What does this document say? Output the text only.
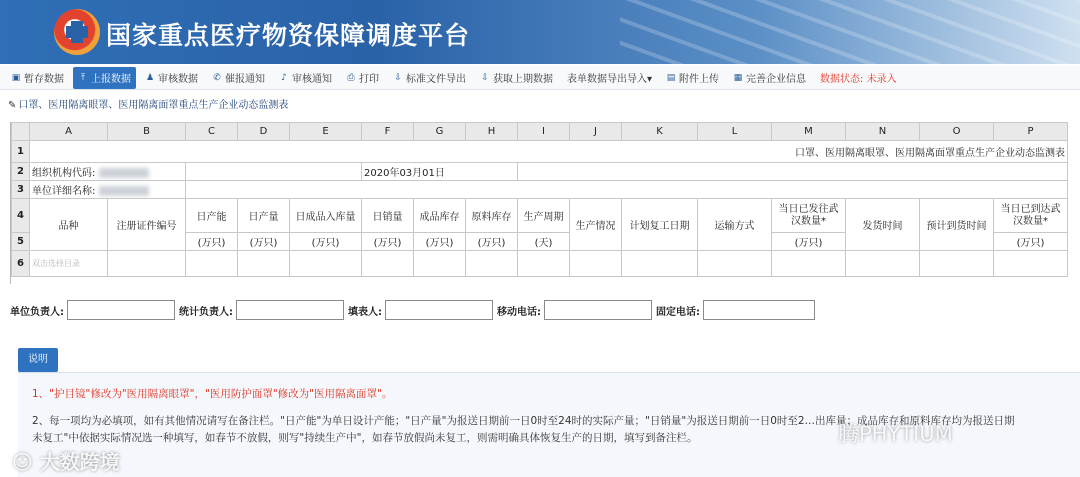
国家重点医疗物资保障调度平台
▣ 暂存数据	⤒ 上报数据 ♟ 审核数据 ✆ 催报通知 ♪ 审核通知 ⎙ 打印 ⇩ 标准文件导出 ⇩ 获取上期数据 表单数据导出导入▾ ▤ 附件上传 ▦ 完善企业信息 数据状态: 未录入
✎ 口罩、医用隔离眼罩、医用隔离面罩重点生产企业动态监测表
	A	B	C	D	E	F	G	H	I	J	K	L	M	N	O	P
1	口罩、医用隔离眼罩、医用隔离面罩重点生产企业动态监测表															
2	组织机构代码:					2020年03月01日										
3	单位详细名称:															
4	品种	注册证件编号	日产能	日产量	日成品入库量	日销量	成品库存	原料库存	生产周期	生产情况	计划复工日期	运输方式	当日已发往武汉数量*	发货时间	预计到货时间	当日已到达武汉数量*
5			(万只)	(万只)	(万只)	(万只)	(万只)	(万只)	(天)				(万只)			(万只)
6	双击选择目录															
单位负责人:	统计负责人:	填表人:	移动电话:	固定电话:
说明
1、"护目镜"修改为"医用隔离眼罩"，"医用防护面罩"修改为"医用隔离面罩"。
2、每一项均为必填项，如有其他情况请写在备注栏。"日产能"为单日设计产能；"日产量"为报送日期前一日0时至24时的实际产量；"日销量"为报送日期前一日0时至2…出库量；成品库存和原料库存均为报送日期
未复工"中依据实际情况选一种填写，如春节不放假，则写"持续生产中"，如春节放假尚未复工，则需明确具体恢复生产的日期，填写到备注栏。
☺ 大数跨境
腾PHYTIUM
